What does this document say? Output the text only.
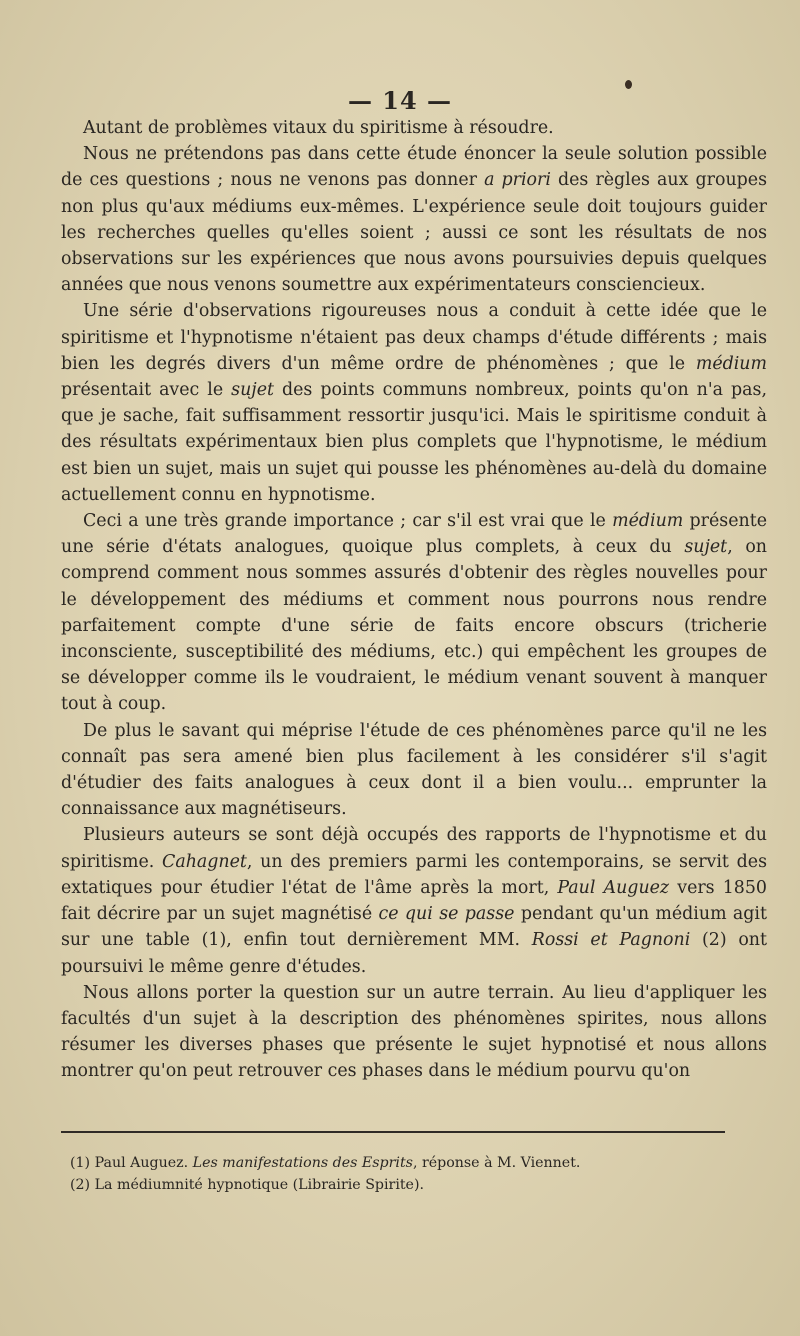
— 14 —

Autant de problèmes vitaux du spiritisme à résoudre.

Nous ne prétendons pas dans cette étude énoncer la seule solution possible de ces questions ; nous ne venons pas donner a priori des règles aux groupes non plus qu'aux médiums eux-mêmes. L'expérience seule doit toujours guider les recherches quelles qu'elles soient ; aussi ce sont les résultats de nos observations sur les expériences que nous avons poursuivies depuis quelques années que nous venons soumettre aux expérimentateurs consciencieux.

Une série d'observations rigoureuses nous a conduit à cette idée que le spiritisme et l'hypnotisme n'étaient pas deux champs d'étude différents ; mais bien les degrés divers d'un même ordre de phénomènes ; que le médium présentait avec le sujet des points communs nombreux, points qu'on n'a pas, que je sache, fait suffisamment ressortir jusqu'ici. Mais le spiritisme conduit à des résultats expérimentaux bien plus complets que l'hypnotisme, le médium est bien un sujet, mais un sujet qui pousse les phénomènes au-delà du domaine actuellement connu en hypnotisme.

Ceci a une très grande importance ; car s'il est vrai que le médium présente une série d'états analogues, quoique plus complets, à ceux du sujet, on comprend comment nous sommes assurés d'obtenir des règles nouvelles pour le développement des médiums et comment nous pourrons nous rendre parfaitement compte d'une série de faits encore obscurs (tricherie inconsciente, susceptibilité des médiums, etc.) qui empêchent les groupes de se développer comme ils le voudraient, le médium venant souvent à manquer tout à coup.

De plus le savant qui méprise l'étude de ces phénomènes parce qu'il ne les connaît pas sera amené bien plus facilement à les considérer s'il s'agit d'étudier des faits analogues à ceux dont il a bien voulu... emprunter la connaissance aux magnétiseurs.

Plusieurs auteurs se sont déjà occupés des rapports de l'hypnotisme et du spiritisme. Cahagnet, un des premiers parmi les contemporains, se servit des extatiques pour étudier l'état de l'âme après la mort, Paul Auguez vers 1850 fait décrire par un sujet magnétisé ce qui se passe pendant qu'un médium agit sur une table (1), enfin tout dernièrement MM. Rossi et Pagnoni (2) ont poursuivi le même genre d'études.

Nous allons porter la question sur un autre terrain. Au lieu d'appliquer les facultés d'un sujet à la description des phénomènes spirites, nous allons résumer les diverses phases que présente le sujet hypnotisé et nous allons montrer qu'on peut retrouver ces phases dans le médium pourvu qu'on

(1) Paul Auguez. Les manifestations des Esprits, réponse à M. Viennet.
(2) La médiumnité hypnotique (Librairie Spirite).
